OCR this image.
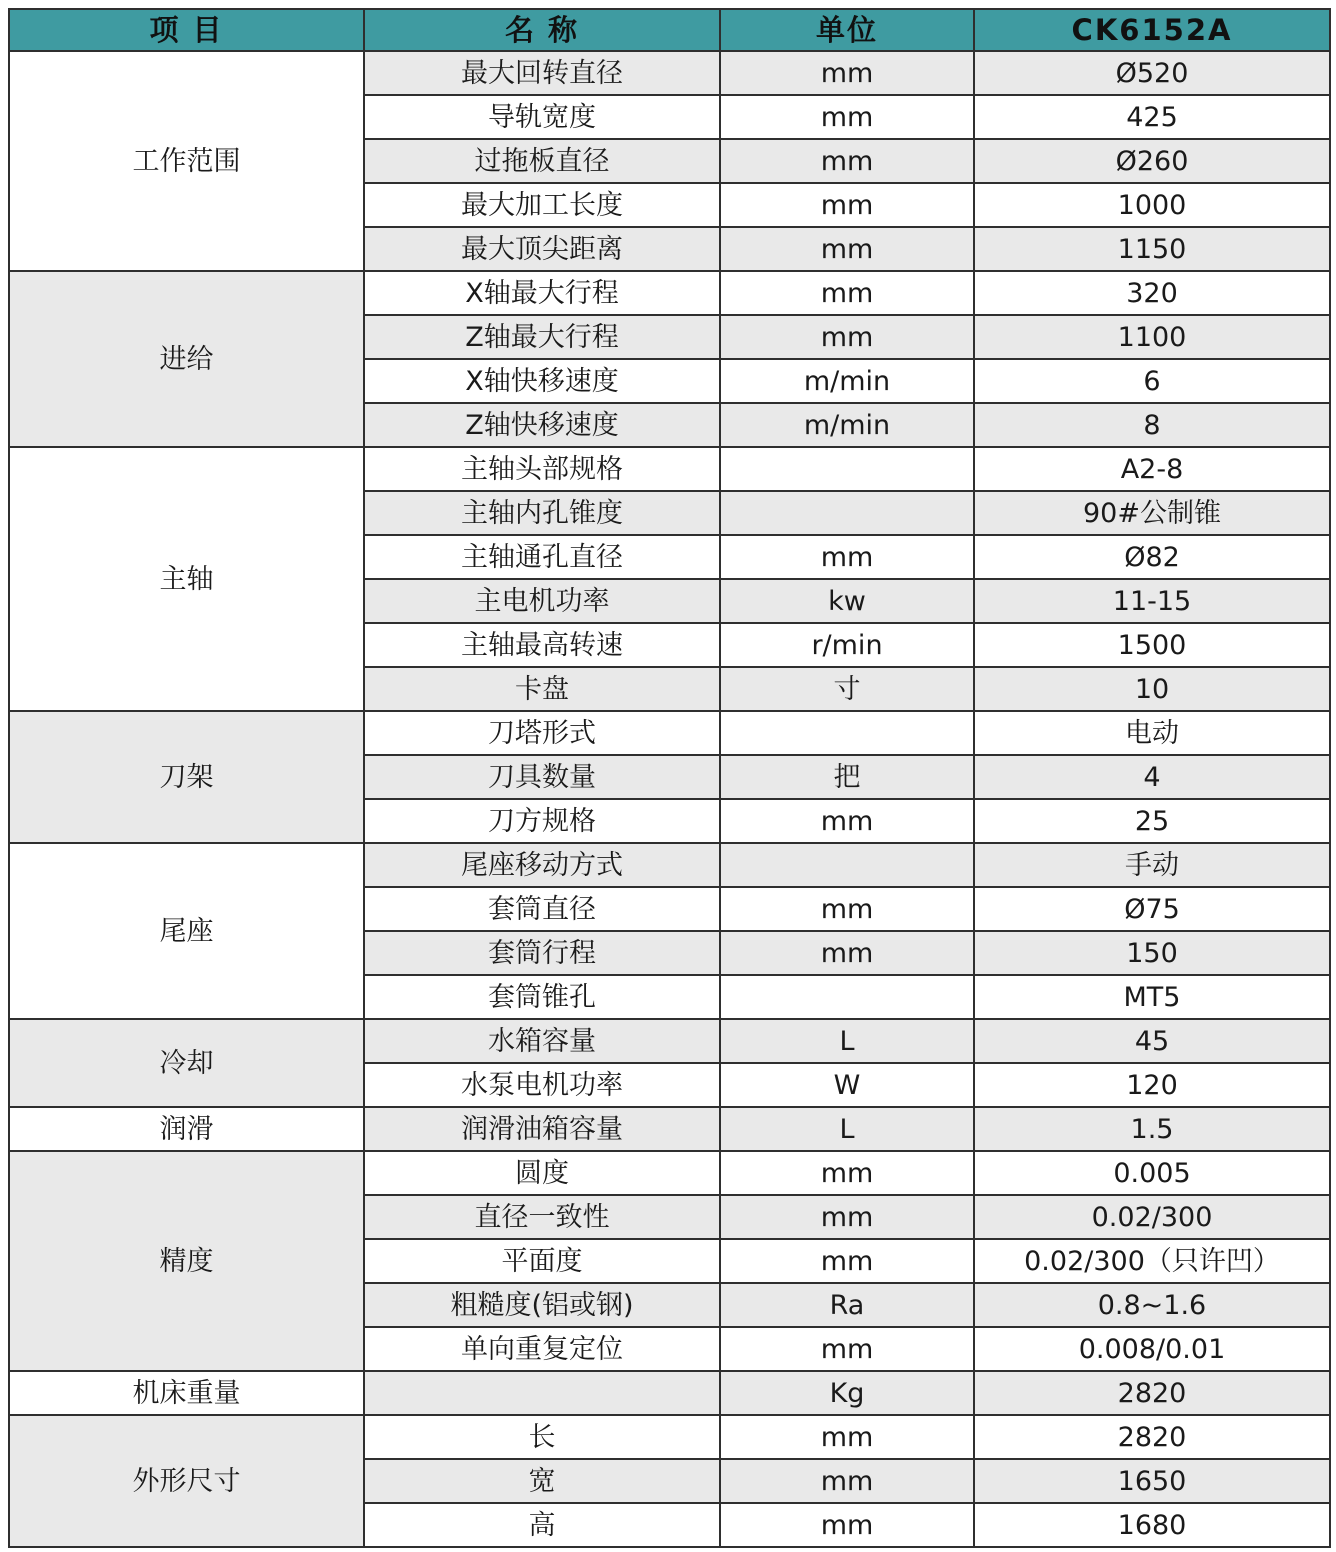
项 目	名 称	单位	CK6152A
工作范围	最大回转直径	mm	Ø520
	导轨宽度	mm	425
	过拖板直径	mm	Ø260
	最大加工长度	mm	1000
	最大顶尖距离	mm	1150
进给	X轴最大行程	mm	320
	Z轴最大行程	mm	1100
	X轴快移速度	m/min	6
	Z轴快移速度	m/min	8
主轴	主轴头部规格		A2-8
	主轴内孔锥度		90#公制锥
	主轴通孔直径	mm	Ø82
	主电机功率	kw	11-15
	主轴最高转速	r/min	1500
	卡盘	寸	10
刀架	刀塔形式		电动
	刀具数量	把	4
	刀方规格	mm	25
尾座	尾座移动方式		手动
	套筒直径	mm	Ø75
	套筒行程	mm	150
	套筒锥孔		MT5
冷却	水箱容量	L	45
	水泵电机功率	W	120
润滑	润滑油箱容量	L	1.5
精度	圆度	mm	0.005
	直径一致性	mm	0.02/300
	平面度	mm	0.02/300（只许凹）
	粗糙度(铝或钢)	Ra	0.8~1.6
	单向重复定位	mm	0.008/0.01
机床重量		Kg	2820
外形尺寸	长	mm	2820
	宽	mm	1650
	高	mm	1680
